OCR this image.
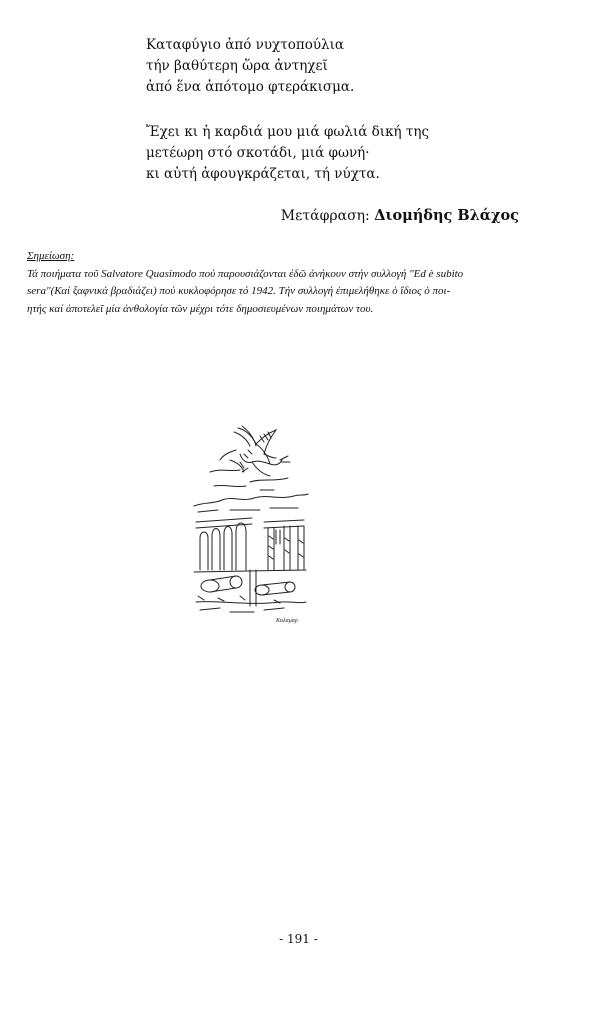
Καταφύγιο ἀπό νυχτοπούλια
τήν βαθύτερη ὥρα ἀντηχεῖ
ἀπό ἕνα ἀπότομο φτεράκισμα.
Ἔχει κι ἡ καρδιά μου μιά φωλιά δική της
μετέωρη στό σκοτάδι, μιά φωνή·
κι αὐτή ἀφουγκράζεται, τή νύχτα.
Μετάφραση: Διομήδης Βλάχος
Σημείωση:
Τά ποιήματα τοῦ Salvatore Quasimodo πού παρουσιάζονται ἐδῶ ἀνήκουν στήν συλλογή "Ed è subito
sera"(Καί ξαφνικά βραδιάζει) πού κυκλοφόρησε τό 1942. Τήν συλλογή ἐπιμελήθηκε ὁ ἴδιος ὁ ποι-
ητής καί ἀποτελεῖ μία ἀνθολογία τῶν μέχρι τότε δημοσιευμένων ποιημάτων του.
Καλαμαρ
- 191 -
